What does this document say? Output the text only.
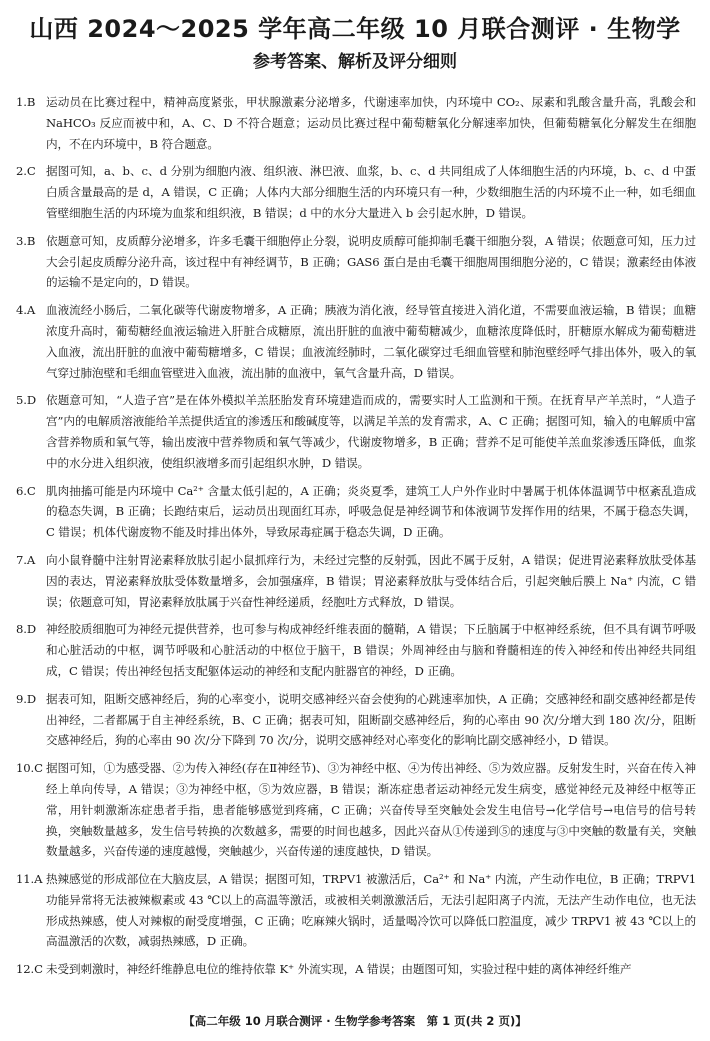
山西 2024～2025 学年高二年级 10 月联合测评 · 生物学
参考答案、解析及评分细则
1.B 运动员在比赛过程中，精神高度紧张，甲状腺激素分泌增多，代谢速率加快，内环境中 CO₂、尿素和乳酸含量升高，乳酸会和 NaHCO₃ 反应而被中和，A、C、D 不符合题意；运动员比赛过程中葡萄糖氧化分解速率加快，但葡萄糖氧化分解发生在细胞内，不在内环境中，B 符合题意。
2.C 据图可知，a、b、c、d 分别为细胞内液、组织液、淋巴液、血浆，b、c、d 共同组成了人体细胞生活的内环境，b、c、d 中蛋白质含量最高的是 d，A 错误，C 正确；人体内大部分细胞生活的内环境只有一种，少数细胞生活的内环境不止一种，如毛细血管壁细胞生活的内环境为血浆和组织液，B 错误；d 中的水分大量进入 b 会引起水肿，D 错误。
3.B 依题意可知，皮质醇分泌增多，许多毛囊干细胞停止分裂，说明皮质醇可能抑制毛囊干细胞分裂，A 错误；依题意可知，压力过大会引起皮质醇分泌升高，该过程中有神经调节，B 正确；GAS6 蛋白是由毛囊干细胞周围细胞分泌的，C 错误；激素经由体液的运输不是定向的，D 错误。
4.A 血液流经小肠后，二氧化碳等代谢废物增多，A 正确；胰液为消化液，经导管直接进入消化道，不需要血液运输，B 错误；血糖浓度升高时，葡萄糖经血液运输进入肝脏合成糖原，流出肝脏的血液中葡萄糖减少，血糖浓度降低时，肝糖原水解成为葡萄糖进入血液，流出肝脏的血液中葡萄糖增多，C 错误；血液流经肺时，二氧化碳穿过毛细血管壁和肺泡壁经呼气排出体外，吸入的氧气穿过肺泡壁和毛细血管壁进入血液，流出肺的血液中，氧气含量升高，D 错误。
5.D 依题意可知，“人造子宫”是在体外模拟羊羔胚胎发育环境建造而成的，需要实时人工监测和干预。在抚育早产羊羔时，“人造子宫”内的电解质溶液能给羊羔提供适宜的渗透压和酸碱度等，以满足羊羔的发育需求，A、C 正确；据图可知，输入的电解质中富含营养物质和氧气等，输出废液中营养物质和氧气等减少，代谢废物增多，B 正确；营养不足可能使羊羔血浆渗透压降低，血浆中的水分进入组织液，使组织液增多而引起组织水肿，D 错误。
6.C 肌肉抽搐可能是内环境中 Ca²⁺ 含量太低引起的，A 正确；炎炎夏季，建筑工人户外作业时中暑属于机体体温调节中枢紊乱造成的稳态失调，B 正确；长跑结束后，运动员出现面红耳赤，呼吸急促是神经调节和体液调节发挥作用的结果，不属于稳态失调，C 错误；机体代谢废物不能及时排出体外，导致尿毒症属于稳态失调，D 正确。
7.A 向小鼠脊髓中注射胃泌素释放肽引起小鼠抓痒行为，未经过完整的反射弧，因此不属于反射，A 错误；促进胃泌素释放肽受体基因的表达，胃泌素释放肽受体数量增多，会加强瘙痒，B 错误；胃泌素释放肽与受体结合后，引起突触后膜上 Na⁺ 内流，C 错误；依题意可知，胃泌素释放肽属于兴奋性神经递质，经胞吐方式释放，D 错误。
8.D 神经胶质细胞可为神经元提供营养，也可参与构成神经纤维表面的髓鞘，A 错误；下丘脑属于中枢神经系统，但不具有调节呼吸和心脏活动的中枢，调节呼吸和心脏活动的中枢位于脑干，B 错误；外周神经由与脑和脊髓相连的传入神经和传出神经共同组成，C 错误；传出神经包括支配躯体运动的神经和支配内脏器官的神经，D 正确。
9.D 据表可知，阻断交感神经后，狗的心率变小，说明交感神经兴奋会使狗的心跳速率加快，A 正确；交感神经和副交感神经都是传出神经，二者都属于自主神经系统，B、C 正确；据表可知，阻断副交感神经后，狗的心率由 90 次/分增大到 180 次/分，阻断交感神经后，狗的心率由 90 次/分下降到 70 次/分，说明交感神经对心率变化的影响比副交感神经小，D 错误。
10.C 据图可知，①为感受器、②为传入神经(存在Ⅱ神经节)、③为神经中枢、④为传出神经、⑤为效应器。反射发生时，兴奋在传入神经上单向传导，A 错误；③为神经中枢，⑤为效应器，B 错误；渐冻症患者运动神经元发生病变，感觉神经元及神经中枢等正常，用针刺激渐冻症患者手指，患者能够感觉到疼痛，C 正确；兴奋传导至突触处会发生电信号→化学信号→电信号的信号转换，突触数量越多，发生信号转换的次数越多，需要的时间也越多，因此兴奋从①传递到⑤的速度与③中突触的数量有关，突触数量越多，兴奋传递的速度越慢，突触越少，兴奋传递的速度越快，D 错误。
11.A 热辣感觉的形成部位在大脑皮层，A 错误；据图可知，TRPV1 被激活后，Ca²⁺ 和 Na⁺ 内流，产生动作电位，B 正确；TRPV1 功能异常将无法被辣椒素或 43 ℃以上的高温等激活，或被相关刺激激活后，无法引起阳离子内流，无法产生动作电位，也无法形成热辣感，使人对辣椒的耐受度增强，C 正确；吃麻辣火锅时，适量喝冷饮可以降低口腔温度，减少 TRPV1 被 43 ℃以上的高温激活的次数，减弱热辣感，D 正确。
12.C 未受到刺激时，神经纤维静息电位的维持依靠 K⁺ 外流实现，A 错误；由题图可知，实验过程中蛙的离体神经纤维产
【高二年级 10 月联合测评 · 生物学参考答案　第 1 页(共 2 页)】
